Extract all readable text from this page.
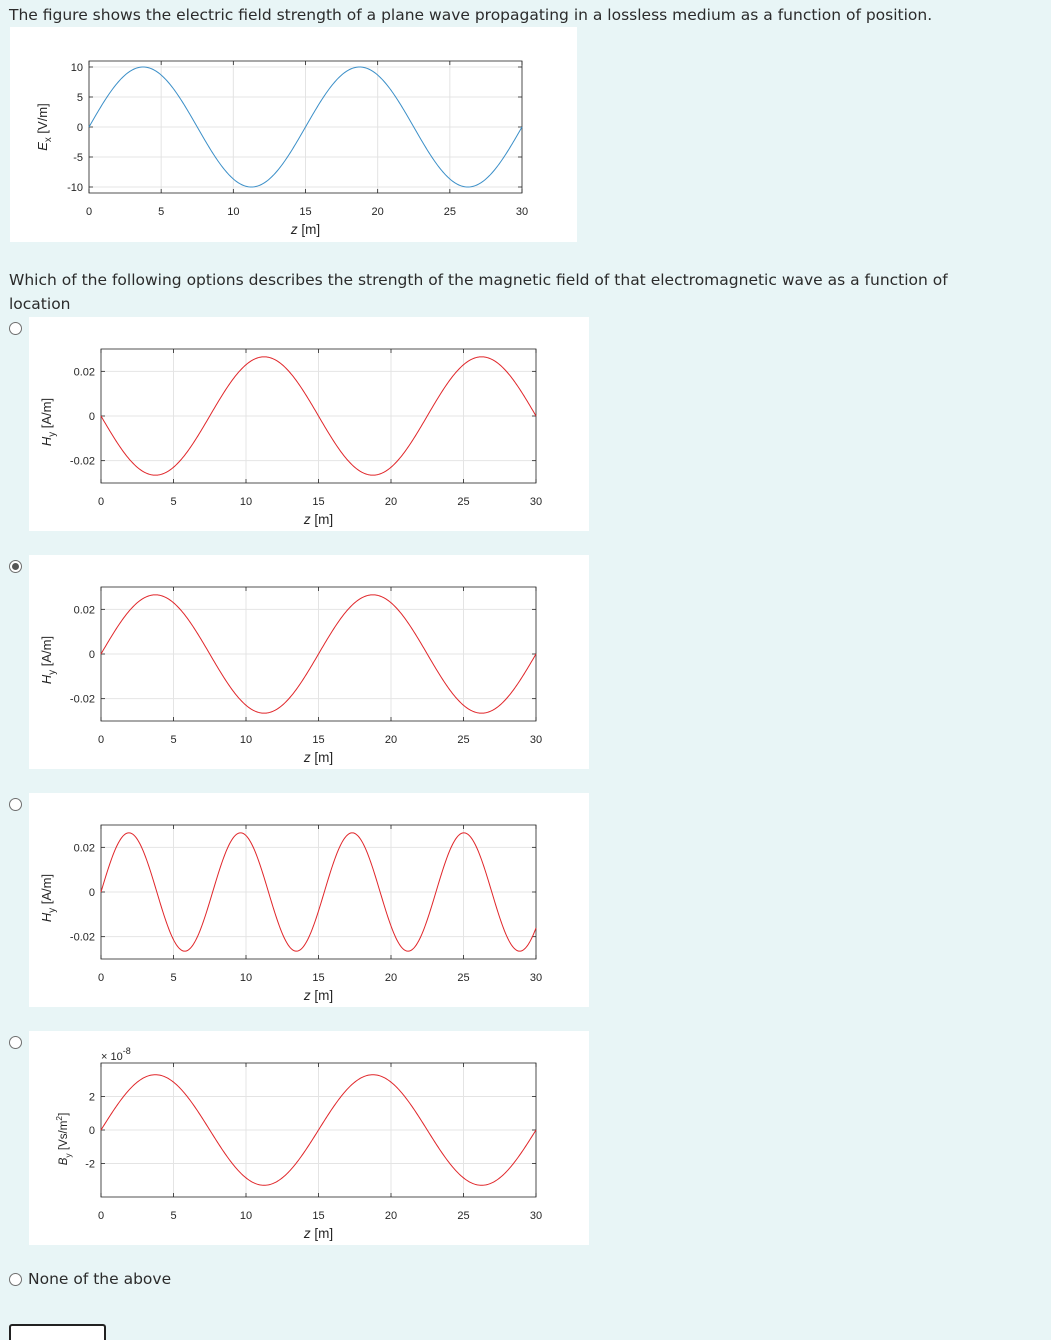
The figure shows the electric field strength of a plane wave propagating in a lossless medium as a function of position.
0	5	10	15	20	25	30
10
5
0
-5
-10
z [m]
$E_x$ [V/m]
Which of the following options describes the strength of the magnetic field of that electromagnetic wave as a function of location
0	5	10	15	20	25	30
0.02
0
-0.02
z [m]
$H_y$ [A/m]
0	5	10	15	20	25	30
0.02
0
-0.02
z [m]
$H_y$ [A/m]
0	5	10	15	20	25	30
0.02
0
-0.02
z [m]
$H_y$ [A/m]
0	5	10	15	20	25	30
2
0
-2
× $10^{-8}$
z [m]
$B_y$ $[Vs/m^2]$
None of the above
